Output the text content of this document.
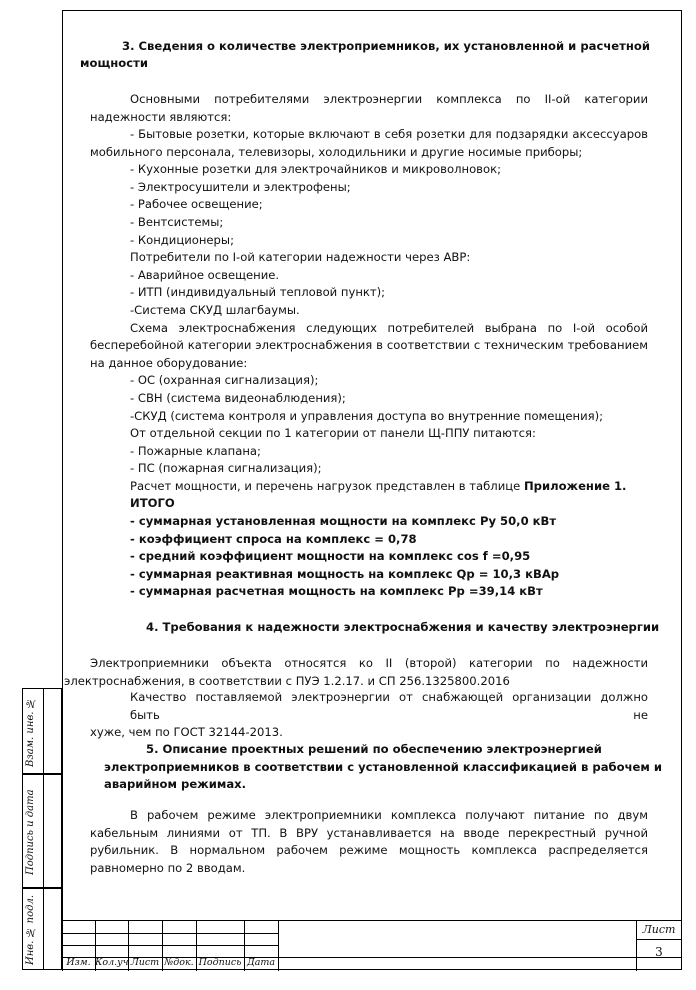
3. Сведения о количестве электроприемников, их установленной и расчетной
мощности
Основными потребителями электроэнергии комплекса по II-ой категории надежности являются:
- Бытовые розетки, которые включают в себя розетки для подзарядки аксессуаров мобильного персонала, телевизоры, холодильники и другие носимые приборы;
- Кухонные розетки для электрочайников и микроволновок;
- Электросушители и электрофены;
- Рабочее освещение;
- Вентсистемы;
- Кондиционеры;
Потребители по I-ой категории надежности через АВР:
- Аварийное освещение.
- ИТП (индивидуальный тепловой пункт);
-Система СКУД шлагбаумы.
Схема электроснабжения следующих потребителей выбрана по I-ой особой бесперебойной категории электроснабжения в соответствии с техническим требованием на данное оборудование:
- ОС (охранная сигнализация);
- СВН (система видеонаблюдения);
-СКУД (система контроля и управления доступа во внутренние помещения);
От отдельной секции по 1 категории от панели Щ-ППУ питаются:
- Пожарные клапана;
- ПС (пожарная сигнализация);
Расчет мощности, и перечень нагрузок представлен в таблице Приложение 1.
ИТОГО
- суммарная установленная мощности на комплекс Ру 50,0 кВт
- коэффициент спроса на комплекс = 0,78
- средний коэффициент мощности на комплекс cos f =0,95
- суммарная реактивная мощность на комплекс Qр = 10,3 кВАр
- суммарная расчетная мощность на комплекс Рр =39,14 кВт
4. Требования к надежности электроснабжения и качеству электроэнергии
Электроприемники объекта относятся ко II (второй) категории по надежности
электроснабжения, в соответствии с ПУЭ 1.2.17. и СП 256.1325800.2016
Качество поставляемой электроэнергии от снабжающей организации должно быть не
хуже, чем по ГОСТ 32144-2013.
5. Описание проектных решений по обеспечению электроэнергией
электроприемников в соответствии с установленной классификацией в рабочем и
аварийном режимах.
В рабочем режиме электроприемники комплекса получают питание по двум кабельным линиями от ТП. В ВРУ устанавливается на вводе перекрестный ручной рубильник. В нормальном рабочем режиме мощность комплекса распределяется равномерно по 2 вводам.
Взам. инв. №
Подпись и дата
Инв. № подл.	Изм. Кол.уч Лист №док. Подпись Дата
Лист
3
